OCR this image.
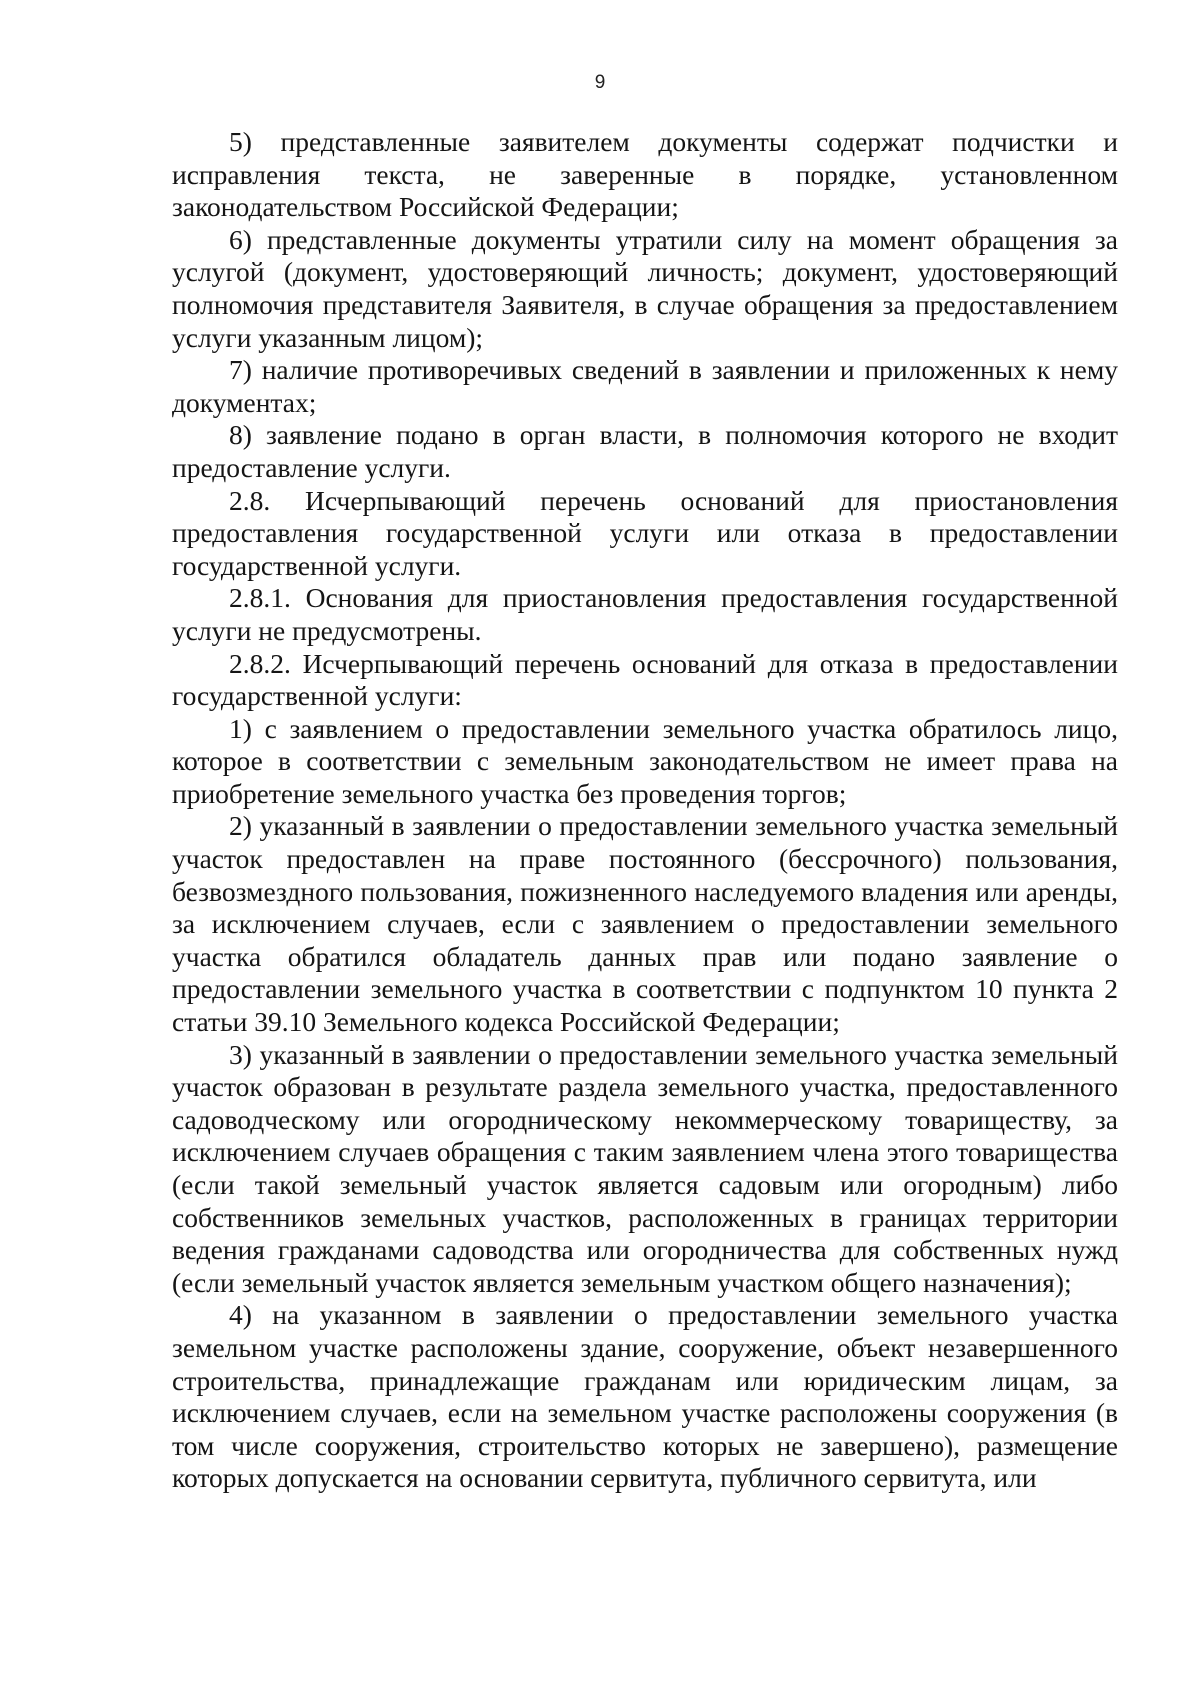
9

5) представленные заявителем документы содержат подчистки и исправления текста, не заверенные в порядке, установленном законодательством Российской Федерации;

6) представленные документы утратили силу на момент обращения за услугой (документ, удостоверяющий личность; документ, удостоверяющий полномочия представителя Заявителя, в случае обращения за предоставлением услуги указанным лицом);

7) наличие противоречивых сведений в заявлении и приложенных к нему документах;

8) заявление подано в орган власти, в полномочия которого не входит предоставление услуги.

2.8. Исчерпывающий перечень оснований для приостановления предоставления государственной услуги или отказа в предоставлении государственной услуги.

2.8.1. Основания для приостановления предоставления государственной услуги не предусмотрены.

2.8.2. Исчерпывающий перечень оснований для отказа в предоставлении государственной услуги:

1) с заявлением о предоставлении земельного участка обратилось лицо, которое в соответствии с земельным законодательством не имеет права на приобретение земельного участка без проведения торгов;

2) указанный в заявлении о предоставлении земельного участка земельный участок предоставлен на праве постоянного (бессрочного) пользования, безвозмездного пользования, пожизненного наследуемого владения или аренды, за исключением случаев, если с заявлением о предоставлении земельного участка обратился обладатель данных прав или подано заявление о предоставлении земельного участка в соответствии с подпунктом 10 пункта 2 статьи 39.10 Земельного кодекса Российской Федерации;

3) указанный в заявлении о предоставлении земельного участка земельный участок образован в результате раздела земельного участка, предоставленного садоводческому или огородническому некоммерческому товариществу, за исключением случаев обращения с таким заявлением члена этого товарищества (если такой земельный участок является садовым или огородным) либо собственников земельных участков, расположенных в границах территории ведения гражданами садоводства или огородничества для собственных нужд (если земельный участок является земельным участком общего назначения);

4) на указанном в заявлении о предоставлении земельного участка земельном участке расположены здание, сооружение, объект незавершенного строительства, принадлежащие гражданам или юридическим лицам, за исключением случаев, если на земельном участке расположены сооружения (в том числе сооружения, строительство которых не завершено), размещение которых допускается на основании сервитута, публичного сервитута, или
